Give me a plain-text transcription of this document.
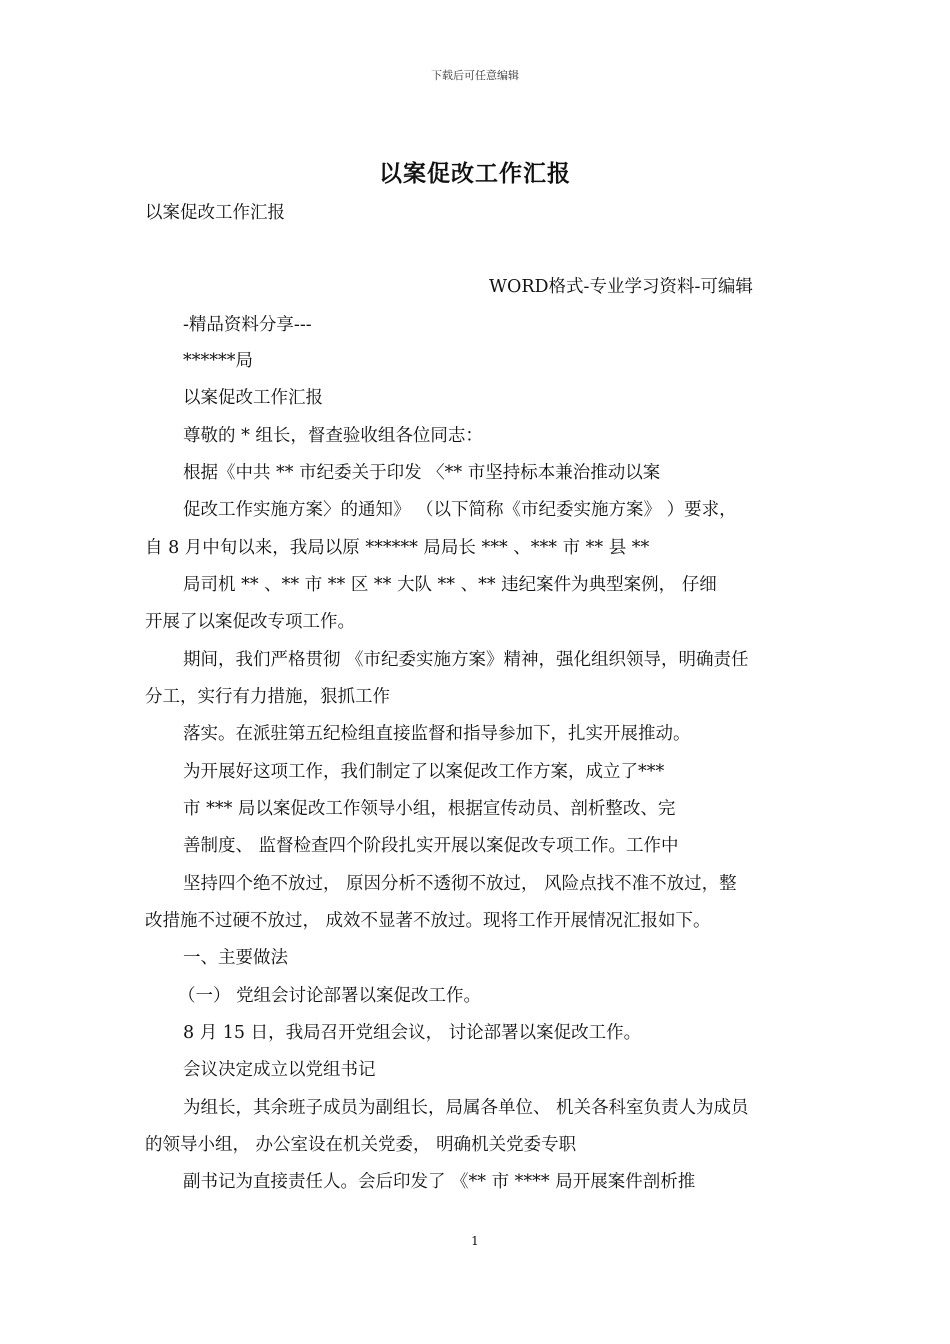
下载后可任意编辑
以案促改工作汇报
以案促改工作汇报
WORD格式-专业学习资料-可编辑
-精品资料分享---
******局
以案促改工作汇报
尊敬的 * 组长，督查验收组各位同志：
根据《中共 ** 市纪委关于印发 〈** 市坚持标本兼治推动以案
促改工作实施方案〉的通知》 （以下简称《市纪委实施方案》 ）要求，
自 8 月中旬以来，我局以原 ****** 局局长 *** 、*** 市 ** 县 **
局司机 ** 、** 市 ** 区 ** 大队 ** 、** 违纪案件为典型案例， 仔细
开展了以案促改专项工作。
期间，我们严格贯彻 《市纪委实施方案》精神，强化组织领导，明确责任
分工，实行有力措施，狠抓工作
落实。在派驻第五纪检组直接监督和指导参加下，扎实开展推动。
为开展好这项工作，我们制定了以案促改工作方案，成立了***
市 *** 局以案促改工作领导小组，根据宣传动员、剖析整改、完
善制度、 监督检查四个阶段扎实开展以案促改专项工作。工作中
坚持四个绝不放过， 原因分析不透彻不放过， 风险点找不准不放过，整
改措施不过硬不放过， 成效不显著不放过。现将工作开展情况汇报如下。
一、主要做法
（一） 党组会讨论部署以案促改工作。
8 月 15 日，我局召开党组会议， 讨论部署以案促改工作。
会议决定成立以党组书记
为组长，其余班子成员为副组长，局属各单位、 机关各科室负责人为成员
的领导小组， 办公室设在机关党委， 明确机关党委专职
副书记为直接责任人。会后印发了 《** 市 **** 局开展案件剖析推
1
